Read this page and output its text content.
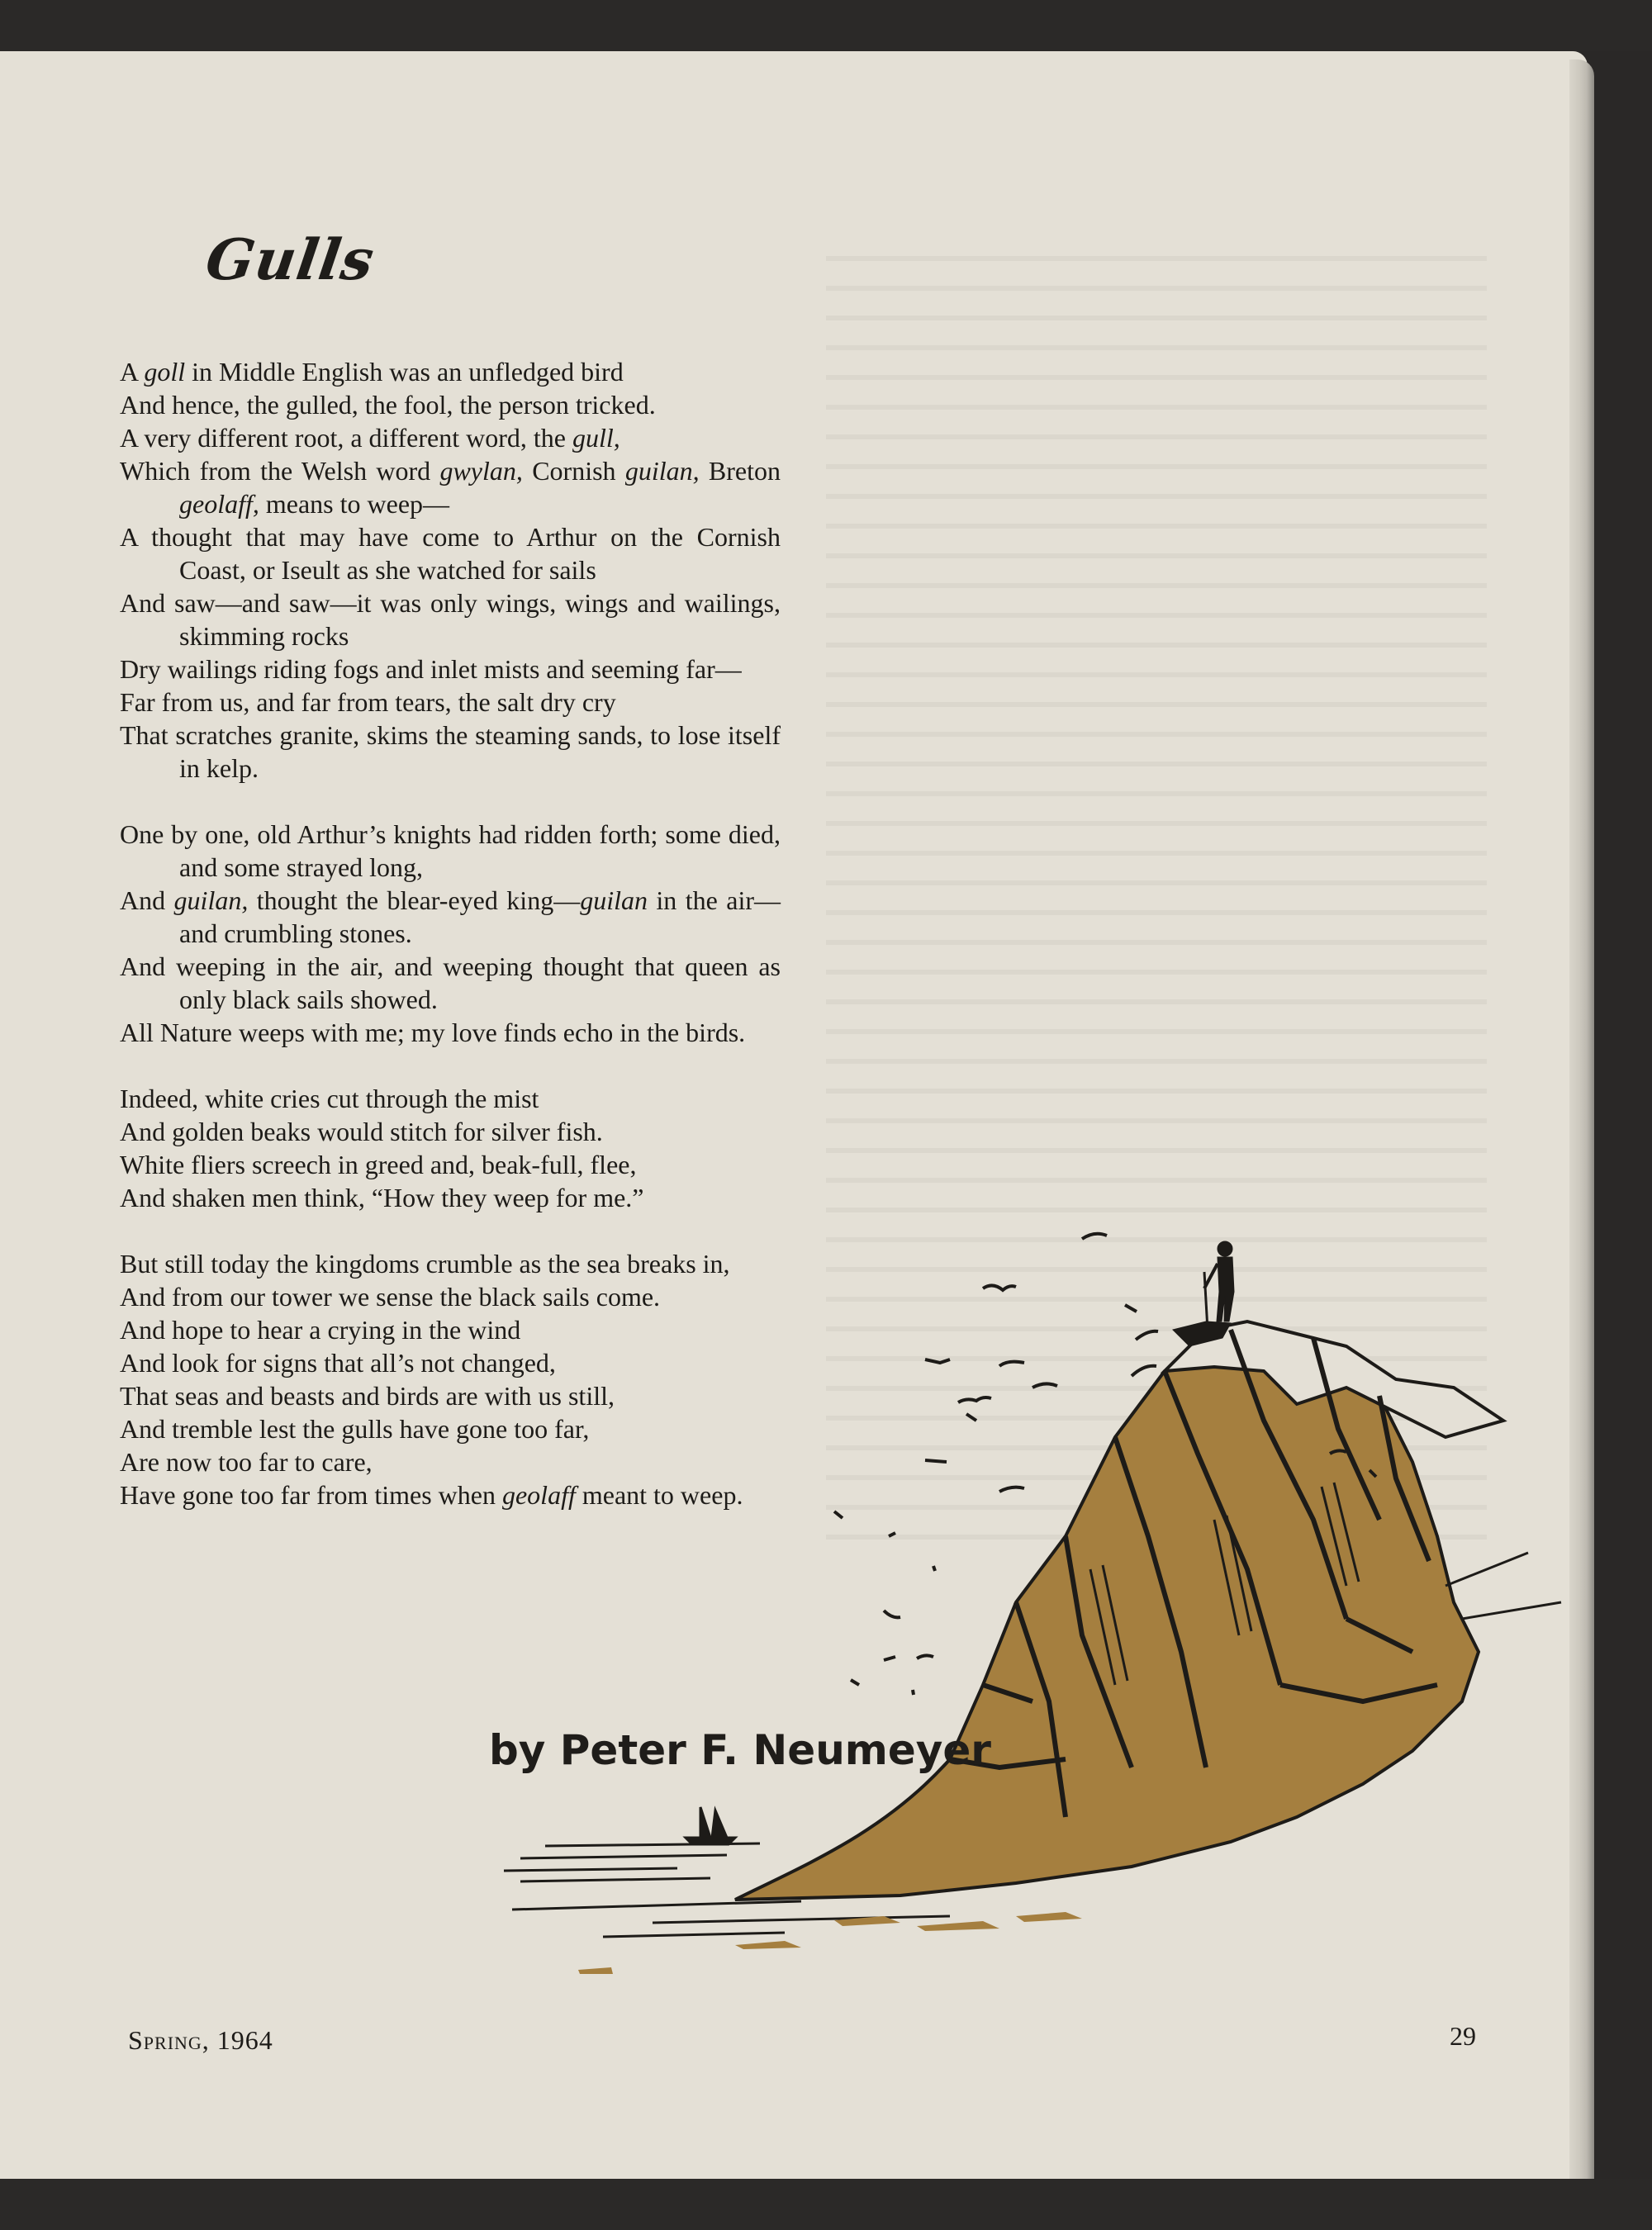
Gulls
A goll in Middle English was an unfledged bird
And hence, the gulled, the fool, the person tricked.
A very different root, a different word, the gull,
Which from the Welsh word gwylan, Cornish guilan, Breton geolaff, means to weep—
A thought that may have come to Arthur on the Cornish Coast, or Iseult as she watched for sails
And saw—and saw—it was only wings, wings and wailings, skimming rocks
Dry wailings riding fogs and inlet mists and seeming far—
Far from us, and far from tears, the salt dry cry
That scratches granite, skims the steaming sands, to lose itself in kelp.
One by one, old Arthur’s knights had ridden forth; some died, and some strayed long,
And guilan, thought the blear-eyed king—guilan in the air—and crumbling stones.
And weeping in the air, and weeping thought that queen as only black sails showed.
All Nature weeps with me; my love finds echo in the birds.
Indeed, white cries cut through the mist
And golden beaks would stitch for silver fish.
White fliers screech in greed and, beak-full, flee,
And shaken men think, “How they weep for me.”
But still today the kingdoms crumble as the sea breaks in,
And from our tower we sense the black sails come.
And hope to hear a crying in the wind
And look for signs that all’s not changed,
That seas and beasts and birds are with us still,
And tremble lest the gulls have gone too far,
Are now too far to care,
Have gone too far from times when geolaff meant to weep.
by Peter F. Neumeyer
Spring, 1964	29
